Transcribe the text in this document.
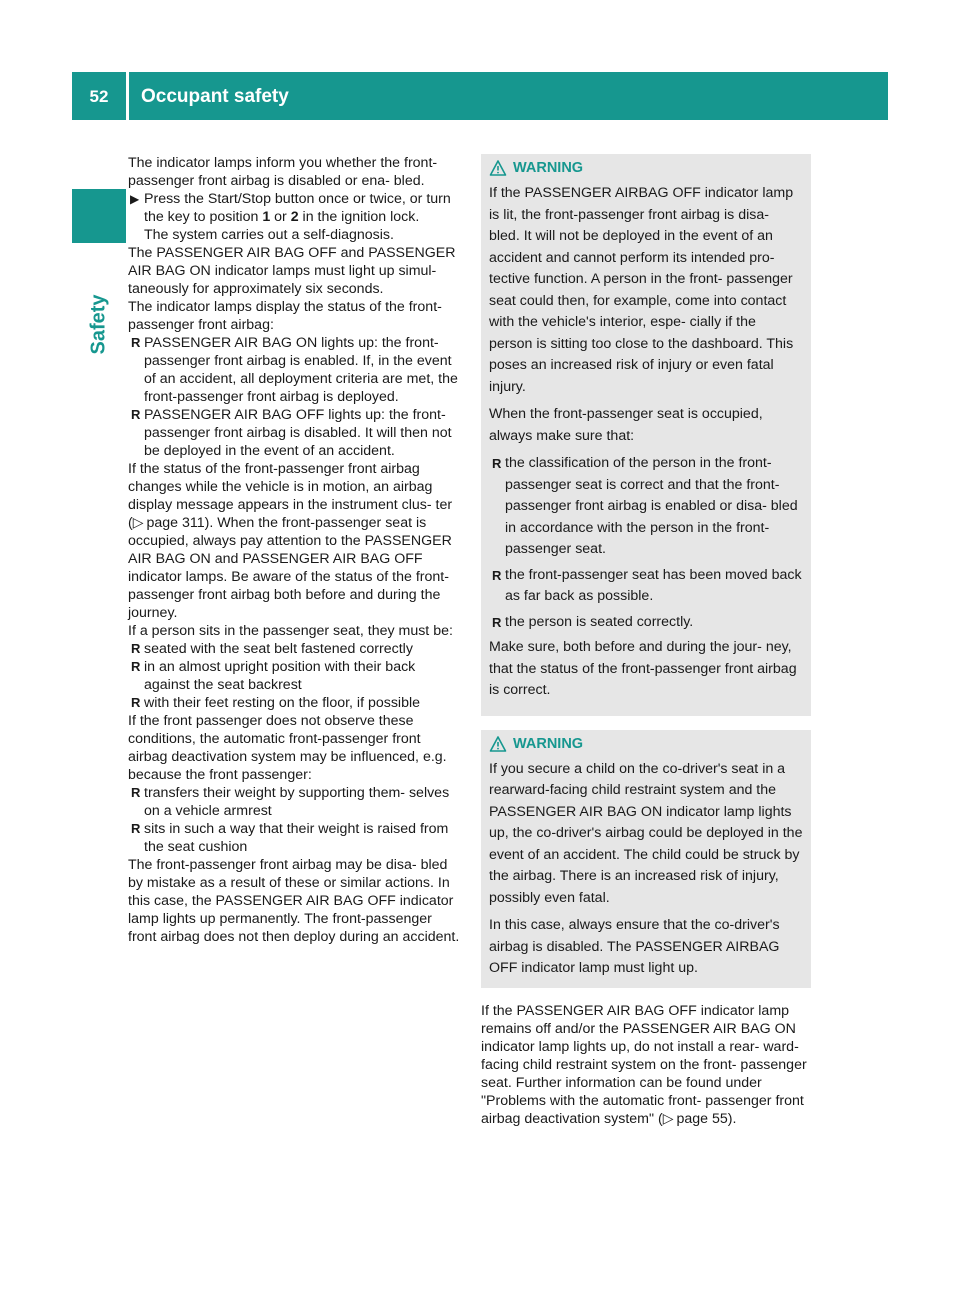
52	Occupant safety
Safety

The indicator lamps inform you whether the front-passenger front airbag is disabled or ena- bled.

▶ Press the Start/Stop button once or twice, or turn the key to position 1 or 2 in the ignition lock.
The system carries out a self-diagnosis.

The PASSENGER AIR BAG OFF and PASSENGER AIR BAG ON indicator lamps must light up simul- taneously for approximately six seconds.

The indicator lamps display the status of the front-passenger front airbag:

R PASSENGER AIR BAG ON lights up: the front- passenger front airbag is enabled. If, in the event of an accident, all deployment criteria are met, the front-passenger front airbag is deployed.
R PASSENGER AIR BAG OFF lights up: the front- passenger front airbag is disabled. It will then not be deployed in the event of an accident.

If the status of the front-passenger front airbag changes while the vehicle is in motion, an airbag display message appears in the instrument clus- ter (▷  page 311). When the front-passenger seat is occupied, always pay attention to the PASSENGER AIR BAG ON and PASSENGER AIR BAG OFF indicator lamps. Be aware of the status of the front-passenger front airbag both before and during the journey.

If a person sits in the passenger seat, they must be:

R seated with the seat belt fastened correctly
R in an almost upright position with their back against the seat backrest
R with their feet resting on the floor, if possible

If the front passenger does not observe these conditions, the automatic front-passenger front airbag deactivation system may be influenced, e.g. because the front passenger:

R transfers their weight by supporting them- selves on a vehicle armrest
R sits in such a way that their weight is raised from the seat cushion

The front-passenger front airbag may be disa- bled by mistake as a result of these or similar actions. In this case, the PASSENGER AIR BAG OFF indicator lamp lights up permanently. The front-passenger front airbag does not then deploy during an accident.

WARNING

If the PASSENGER AIRBAG OFF indicator lamp is lit, the front-passenger front airbag is disa- bled. It will not be deployed in the event of an accident and cannot perform its intended pro- tective function. A person in the front- passenger seat could then, for example, come into contact with the vehicle's interior, espe- cially if the person is sitting too close to the dashboard. This poses an increased risk of injury or even fatal injury.

When the front-passenger seat is occupied, always make sure that:

R the classification of the person in the front- passenger seat is correct and that the front- passenger front airbag is enabled or disa- bled in accordance with the person in the front-passenger seat.
R the front-passenger seat has been moved back as far back as possible.
R the person is seated correctly.

Make sure, both before and during the jour- ney, that the status of the front-passenger front airbag is correct.

WARNING

If you secure a child on the co-driver's seat in a rearward-facing child restraint system and the PASSENGER AIR BAG ON indicator lamp lights up, the co-driver's airbag could be deployed in the event of an accident. The child could be struck by the airbag. There is an increased risk of injury, possibly even fatal.

In this case, always ensure that the co-driver's airbag is disabled. The PASSENGER AIRBAG OFF indicator lamp must light up.

If the PASSENGER AIR BAG OFF indicator lamp remains off and/or the PASSENGER AIR BAG ON indicator lamp lights up, do not install a rear- ward-facing child restraint system on the front- passenger seat. Further information can be found under "Problems with the automatic front- passenger front airbag deactivation system" (▷  page 55).
